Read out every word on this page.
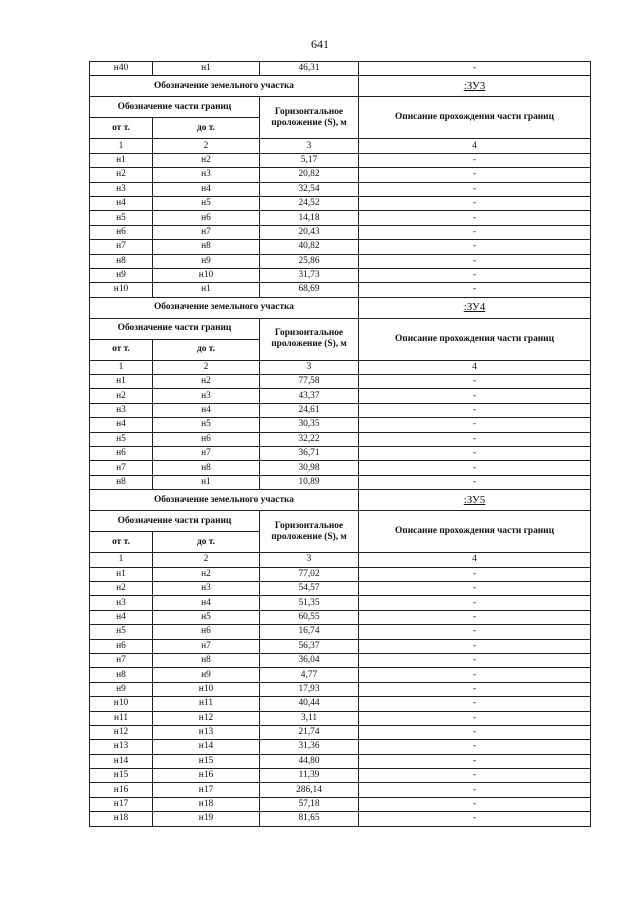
641
н40	н1	46,31	-
Обозначение земельного участка			:ЗУ3
Обозначение части границ		Горизонтальное проложение (S), м	Описание прохождения части границ
от т.	до т.		
1	2	3	4
н1	н2	5,17	-
н2	н3	20,82	-
н3	н4	32,54	-
н4	н5	24,52	-
н5	н6	14,18	-
н6	н7	20,43	-
н7	н8	40,82	-
н8	н9	25,86	-
н9	н10	31,73	-
н10	н1	68,69	-
Обозначение земельного участка			:ЗУ4
Обозначение части границ		Горизонтальное проложение (S), м	Описание прохождения части границ
от т.	до т.		
1	2	3	4
н1	н2	77,58	-
н2	н3	43,37	-
н3	н4	24,61	-
н4	н5	30,35	-
н5	н6	32,22	-
н6	н7	36,71	-
н7	н8	30,98	-
н8	н1	10,89	-
Обозначение земельного участка			:ЗУ5
Обозначение части границ		Горизонтальное проложение (S), м	Описание прохождения части границ
от т.	до т.		
1	2	3	4
н1	н2	77,02	-
н2	н3	54,57	-
н3	н4	51,35	-
н4	н5	60,55	-
н5	н6	16,74	-
н6	н7	56,37	-
н7	н8	36,04	-
н8	н9	4,77	-
н9	н10	17,93	-
н10	н11	40,44	-
н11	н12	3,11	-
н12	н13	21,74	-
н13	н14	31,36	-
н14	н15	44,80	-
н15	н16	11,39	-
н16	н17	286,14	-
н17	н18	57,18	-
н18	н19	81,65	-
